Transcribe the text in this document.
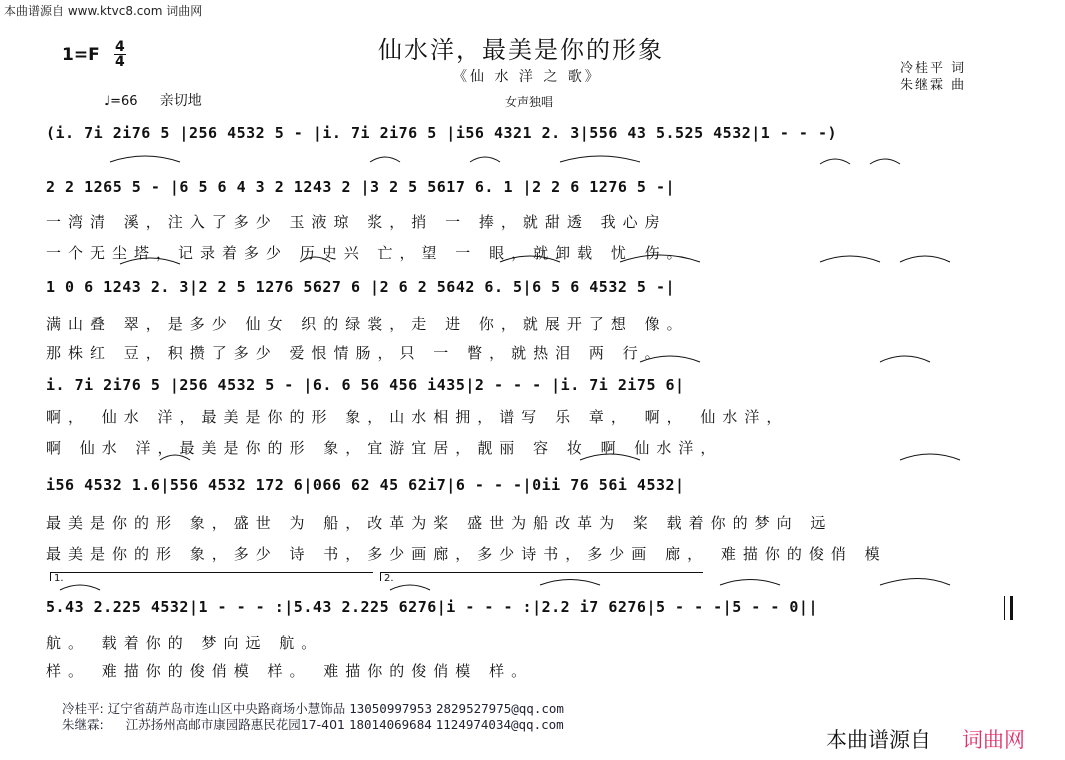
本曲谱源自 www.ktvc8.com 词曲网
仙水洋，最美是你的形象
《仙 水 洋 之 歌》
女声独唱
1=F 4
4
♩=66 亲切地
冷桂平 词
朱继霖 曲
(i. 7i 2i76 5 |256 4532 5 - |i. 7i 2i76 5 |i56 4321 2. 3|556 43 5.525 4532|1 - - -)
2 2 1265 5 - |6 5 6 4 3 2 1243 2 |3 2 5 5617 6. 1 |2 2 6 1276 5 -|
一湾清 溪，注入了多少 玉液琼 浆，捎 一 捧，就甜透 我心房
一个无尘塔，记录着多少 历史兴 亡，望 一 眼，就卸载 忧 伤。
1 0 6 1243 2. 3|2 2 5 1276 5627 6 |2 6 2 5642 6. 5|6 5 6 4532 5 -|
满山叠 翠，是多少 仙女 织的绿裳，走 进 你，就展开了想 像。
那株红 豆，积攒了多少 爱恨情肠，只 一 瞥，就热泪 两 行。
i. 7i 2i76 5 |256 4532 5 - |6. 6 56 456 i435|2 - - - |i. 7i 2i75 6|
啊， 仙水 洋，最美是你的形 象，山水相拥，谱写 乐 章， 啊， 仙水洋，
啊 仙水 洋，最美是你的形 象，宜游宜居，靓丽 容 妆 啊 仙水洋，
i56 4532 1.6|556 4532 172 6|066 62 45 62i7|6 - - -|0ii 76 56i 4532|
最美是你的形 象，盛世 为 船，改革为桨 盛世为船改革为 桨 载着你的梦向 远
最美是你的形 象，多少 诗 书，多少画廊，多少诗书，多少画 廊， 难描你的俊俏 模
1.	2.
5.43 2.225 4532|1 - - - :|5.43 2.225 6276|i - - - :|2.2 i7 6276|5 - - -|5 - - 0||
航。 载着你的 梦向远 航。
样。 难描你的俊俏模 样。 难描你的俊俏模 样。
冷桂平: 辽宁省葫芦岛市连山区中央路商场小慧饰品 13050997953 2829527975@qq.com
朱继霖: 江苏扬州高邮市康园路惠民花园17-401 18014069684 1124974034@qq.com
本曲谱源自 词曲网
